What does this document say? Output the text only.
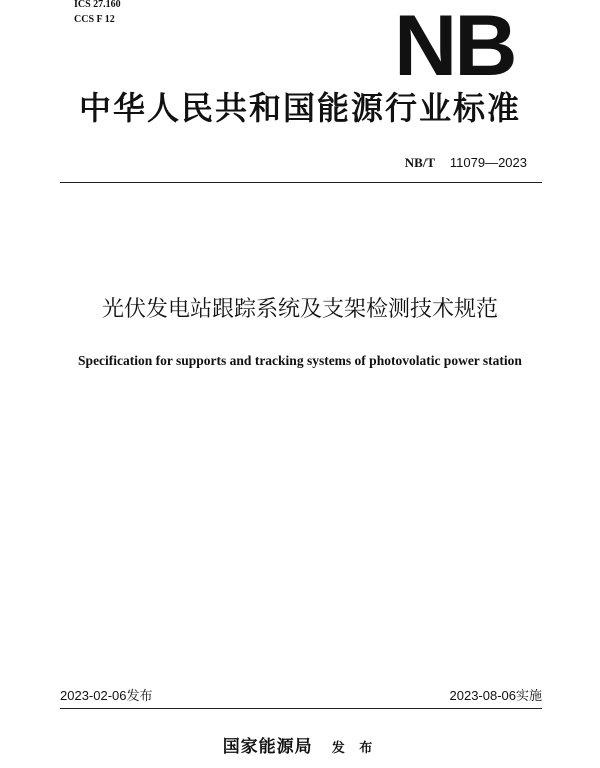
ICS 27.160
CCS F 12	NB
中华人民共和国能源行业标准
NB/T   11079—2023
光伏发电站跟踪系统及支架检测技术规范
Specification for supports and tracking systems of photovolatic power station
2023-02-06发布	2023-08-06实施
国家能源局 发 布
